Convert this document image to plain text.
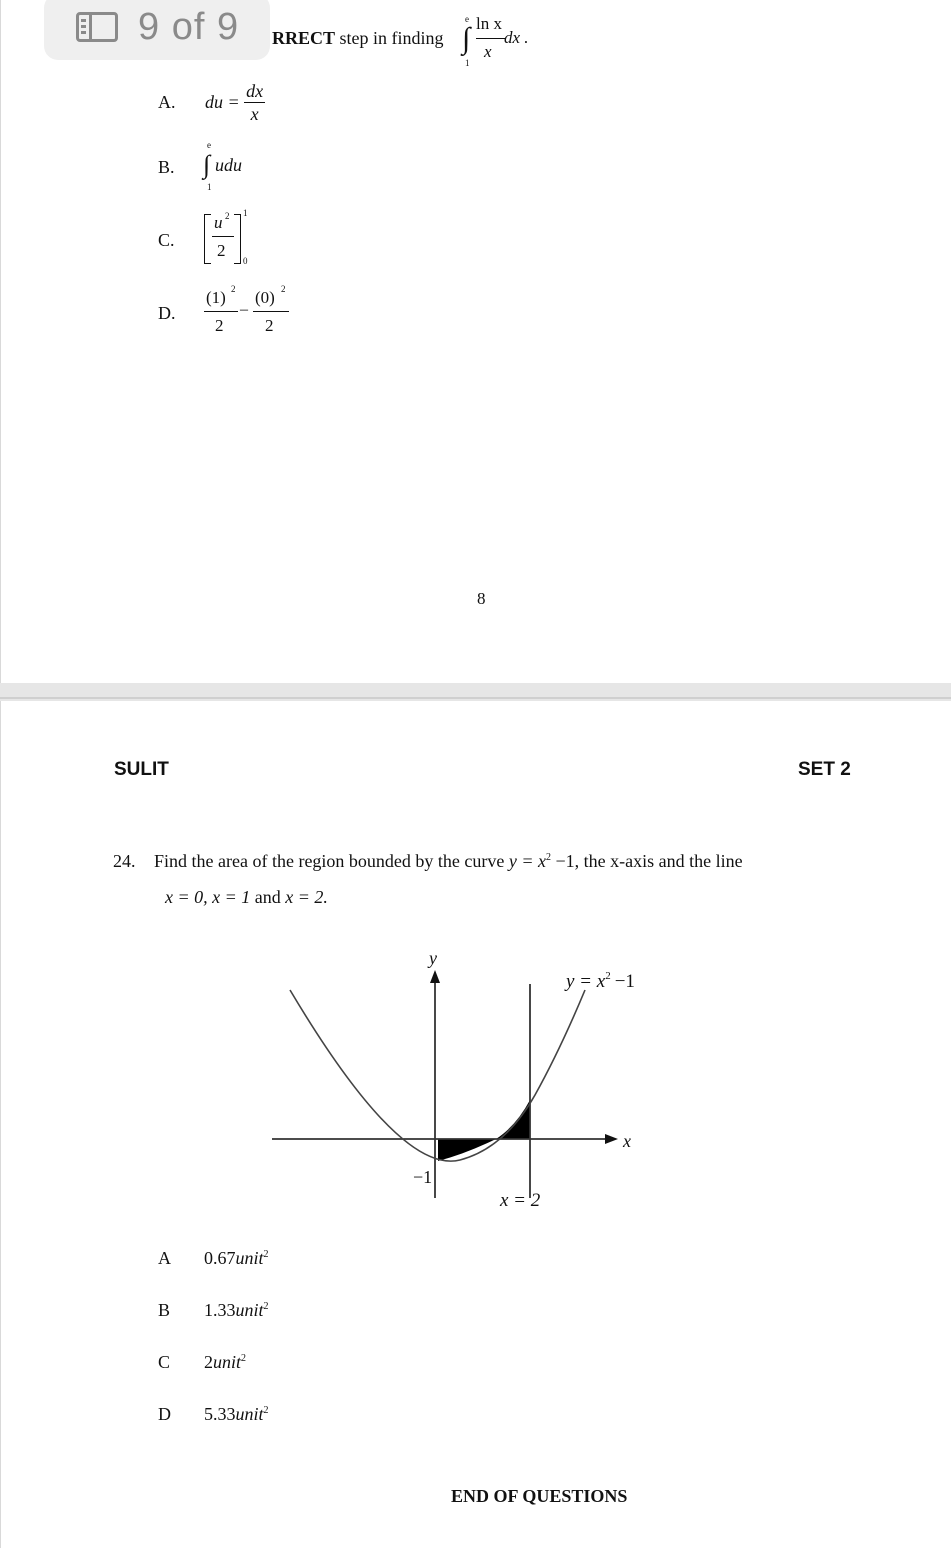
9 of 9 RRECT step in finding ∫
e
1
ln x
x
dx .
A. du = $\frac{dx}{x}$
B. ∫
e
1
udu
C.
u 2
2
1
0
D.
(1) 2
2
–
(0) 2
2
8
SULIT	SET 2
24. Find the area of the region bounded by the curve $y = x^2 -1$, the x-axis and the line
x = 0, x = 1 and x = 2.
y
x
$y = x^2 -1$
−1
x = 2
A 0.67unit$^2$
B 1.33unit$^2$
C 2unit$^2$
D 5.33unit$^2$
END OF QUESTIONS
